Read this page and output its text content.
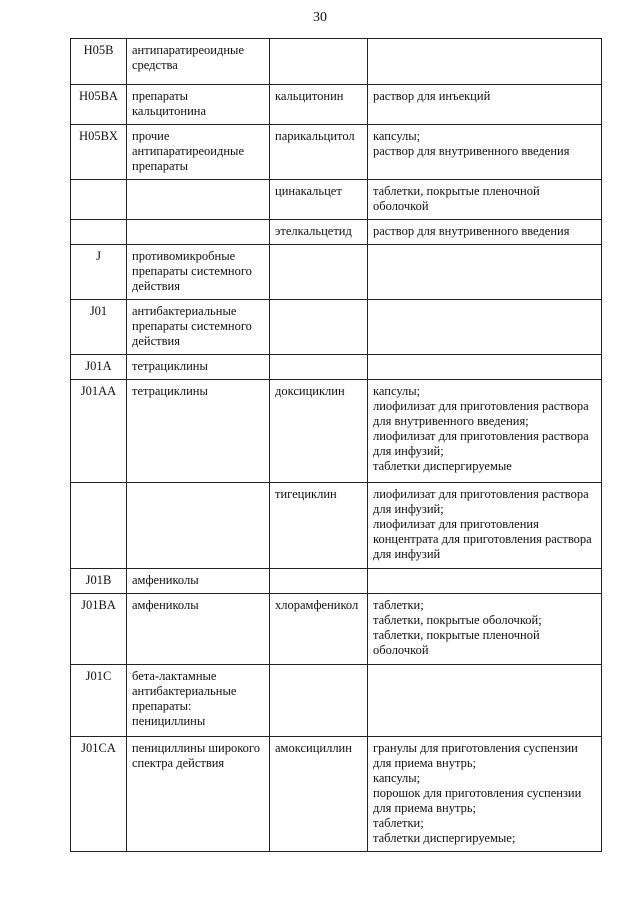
30
H05B	антипаратиреоидные средства		
H05BA	препараты кальцитонина	кальцитонин	раствор для инъекций
H05BX	прочие антипаратиреоидные препараты	парикальцитол	капсулы;
раствор для внутривенного введения
		цинакальцет	таблетки, покрытые пленочной оболочкой
		этелкальцетид	раствор для внутривенного введения
J	противомикробные препараты системного действия		
J01	антибактериальные препараты системного действия		
J01A	тетрациклины		
J01AA	тетрациклины	доксициклин	капсулы;
лиофилизат для приготовления раствора для внутривенного введения;
лиофилизат для приготовления раствора для инфузий;
таблетки диспергируемые
		тигециклин	лиофилизат для приготовления раствора для инфузий;
лиофилизат для приготовления концентрата для приготовления раствора для инфузий
J01B	амфениколы		
J01BA	амфениколы	хлорамфеникол	таблетки;
таблетки, покрытые оболочкой;
таблетки, покрытые пленочной оболочкой
J01C	бета-лактамные антибактериальные препараты: пенициллины		
J01CA	пенициллины широкого спектра действия	амоксициллин	гранулы для приготовления суспензии для приема внутрь;
капсулы;
порошок для приготовления суспензии для приема внутрь;
таблетки;
таблетки диспергируемые;
